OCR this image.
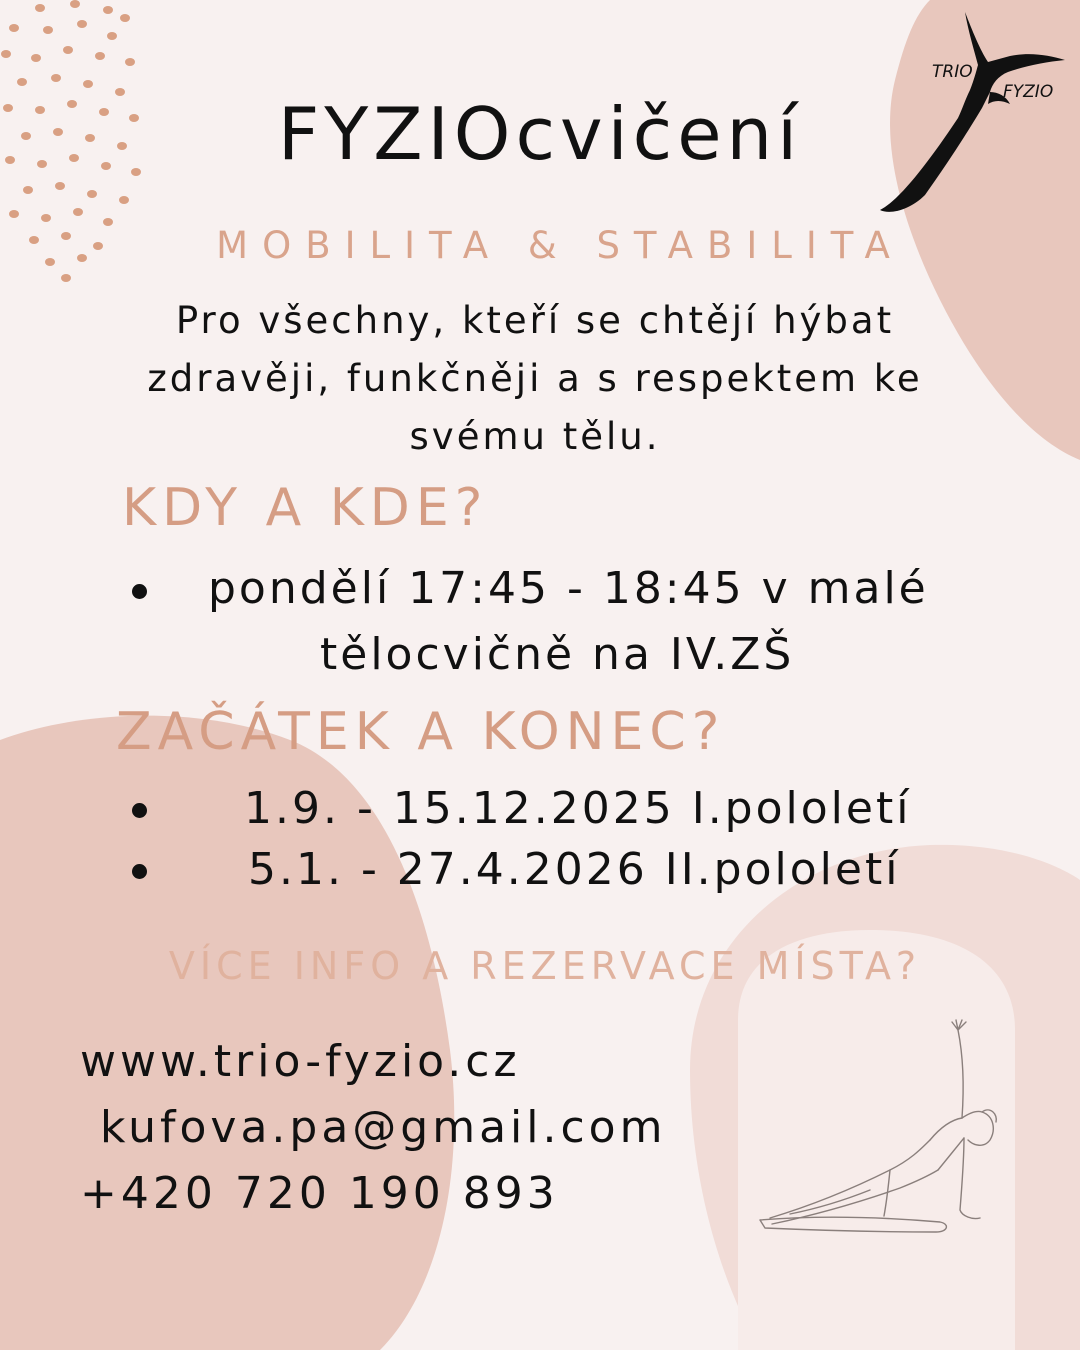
TRIO
FYZIO
FYZIOcvičení
MOBILITA & STABILITA
Pro všechny, kteří se chtějí hýbat zdravěji, funkčněji a s respektem ke svému tělu.
KDY A KDE?
pondělí 17:45 - 18:45 v malé
tělocvičně na IV.ZŠ
ZAČÁTEK A KONEC?
1.9. - 15.12.2025 I.pololetí
5.1. - 27.4.2026 II.pololetí
VÍCE INFO A REZERVACE MÍSTA?
www.trio-fyzio.cz
kufova.pa@gmail.com
+420 720 190 893
